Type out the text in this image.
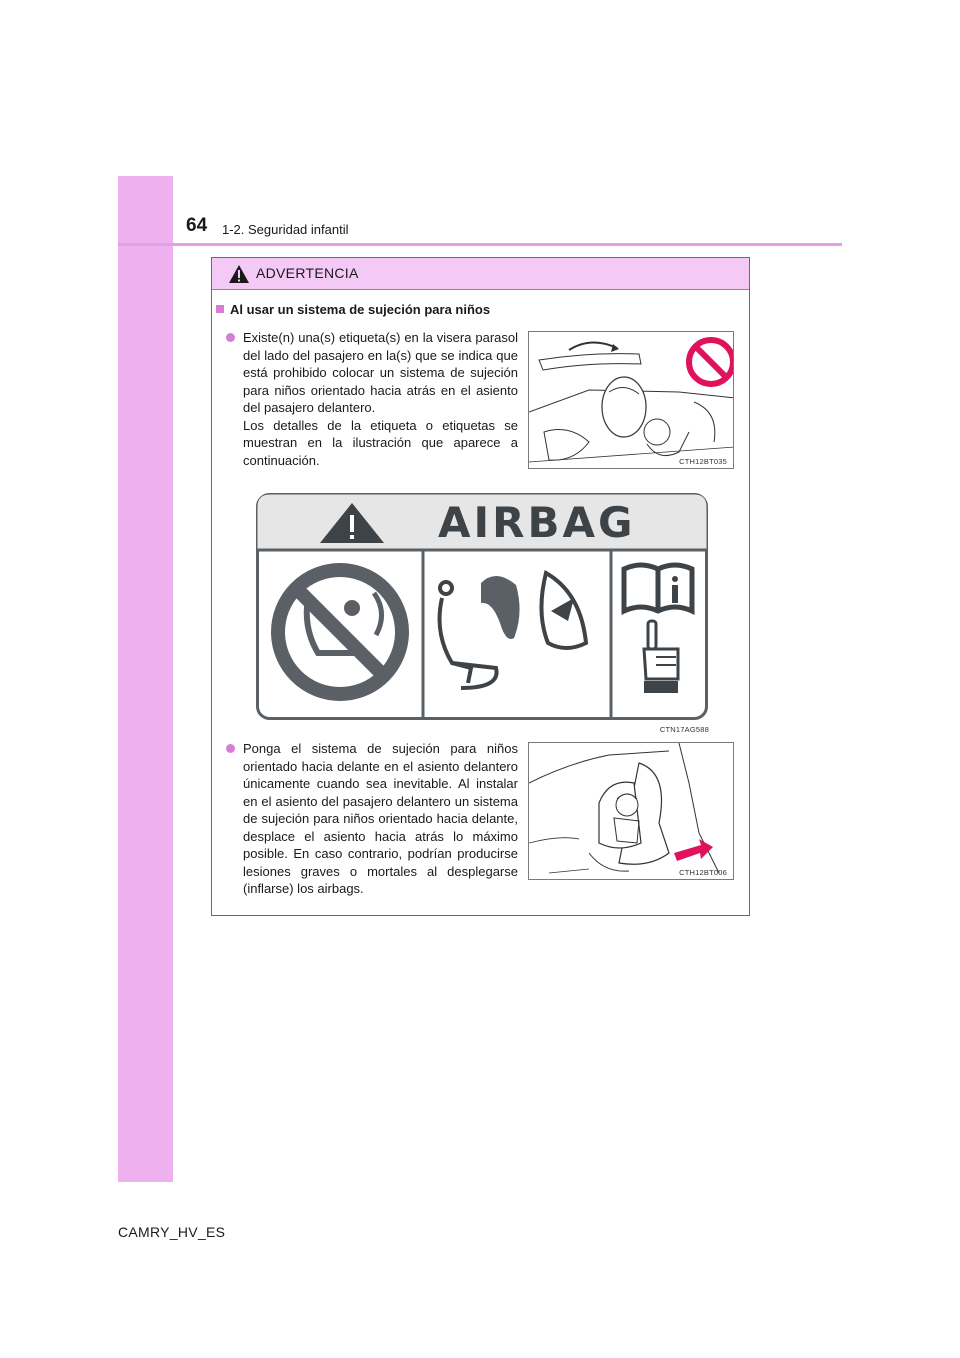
64 1-2. Seguridad infantil
ADVERTENCIA
Al usar un sistema de sujeción para niños

Existe(n) una(s) etiqueta(s) en la visera parasol del lado del pasajero en la(s) que se indica que está prohibido colocar un sistema de sujeción para niños orientado hacia atrás en el asiento del pasajero delantero.

Los detalles de la etiqueta o etiquetas se muestran en la ilustración que aparece a continuación.	CTH12BT035
AIRBAG
CTN17AG588

Ponga el sistema de sujeción para niños orientado hacia delante en el asiento delantero únicamente cuando sea inevitable. Al instalar en el asiento del pasajero delantero un sistema de sujeción para niños orientado hacia delante, desplace el asiento hacia atrás lo máximo posible. En caso contrario, podrían producirse lesiones graves o mortales al desplegarse (inflarse) los airbags.

CTH12BT006
CAMRY_HV_ES
